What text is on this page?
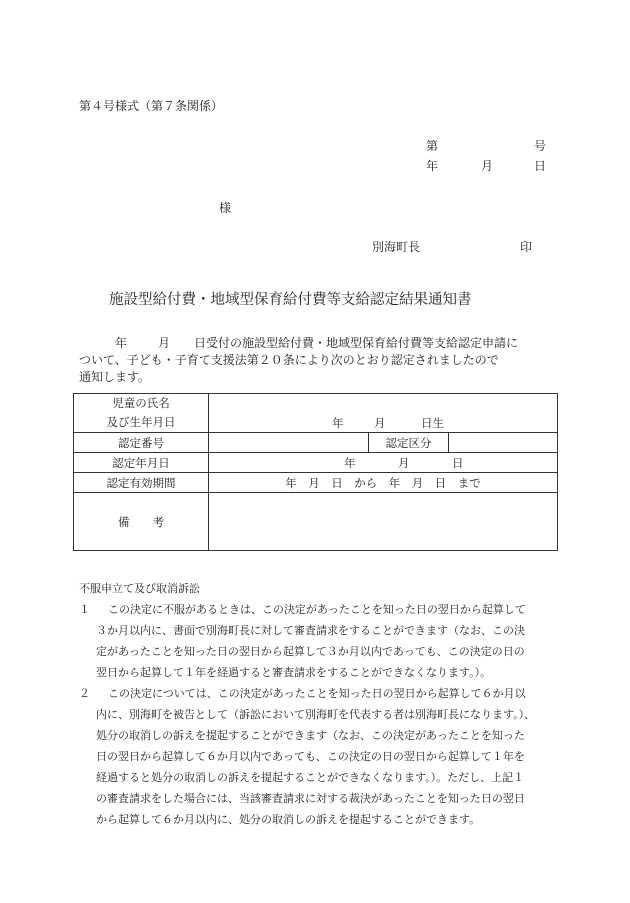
第４号様式（第７条関係）
第	号
年	月	日
様
別海町長	印
施設型給付費・地域型保育給付費等支給認定結果通知書
年	月 日受付の施設型給付費・地域型保育給付費等支給認定申請に
ついて、子ども・子育て支援法第２０条により次のとおり認定されましたので
通知します。
児童の氏名
及び生年月日			

	年 月 日生		

認定番号		認定区分	
認定年月日	年 月 日		

認定有効期間	年　月　日　から　年　月　日　まで		
備　　考			
不服申立て及び取消訴訟
１	この決定に不服があるときは、この決定があったことを知った日の翌日から起算して
３か月以内に、書面で別海町長に対して審査請求をすることができます（なお、この決
定があったことを知った日の翌日から起算して３か月以内であっても、この決定の日の
翌日から起算して１年を経過すると審査請求をすることができなくなります。）。
２	この決定については、この決定があったことを知った日の翌日から起算して６か月以
内に、別海町を被告として（訴訟において別海町を代表する者は別海町長になります。）、
処分の取消しの訴えを提起することができます（なお、この決定があったことを知った
日の翌日から起算して６か月以内であっても、この決定の日の翌日から起算して１年を
経過すると処分の取消しの訴えを提起することができなくなります。）。ただし、上記１
の審査請求をした場合には、当該審査請求に対する裁決があったことを知った日の翌日
から起算して６か月以内に、処分の取消しの訴えを提起することができます。
